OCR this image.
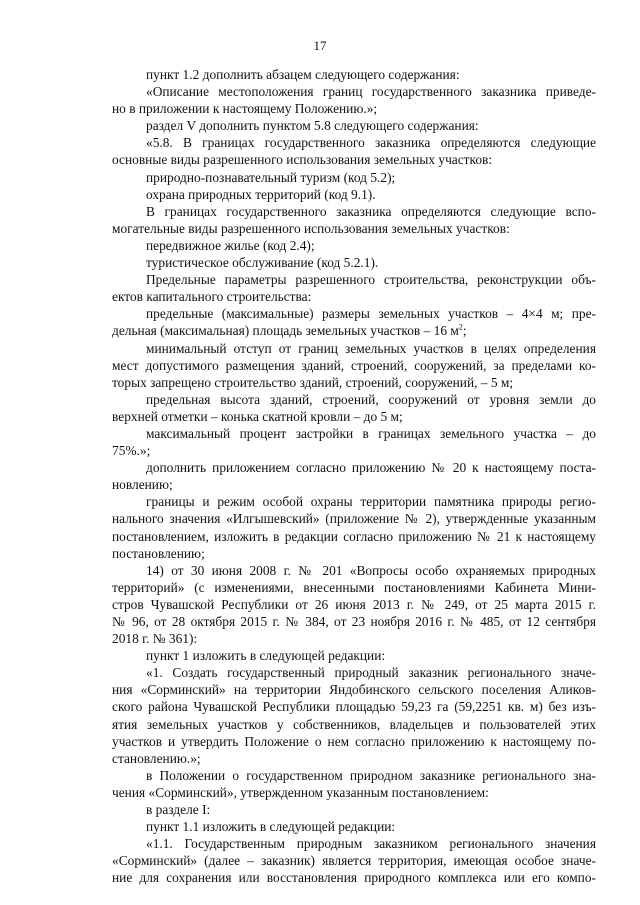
17
пункт 1.2 дополнить абзацем следующего содержания:
«Описание местоположения границ государственного заказника приведе-
но в приложении к настоящему Положению.»;
раздел V дополнить пунктом 5.8 следующего содержания:
«5.8. В границах государственного заказника определяются следующие
основные виды разрешенного использования земельных участков:
природно-познавательный туризм (код 5.2);
охрана природных территорий (код 9.1).
В границах государственного заказника определяются следующие вспо-
могательные виды разрешенного использования земельных участков:
передвижное жилье (код 2.4);
туристическое обслуживание (код 5.2.1).
Предельные параметры разрешенного строительства, реконструкции объ-
ектов капитального строительства:
предельные (максимальные) размеры земельных участков – 4×4 м; пре-
дельная (максимальная) площадь земельных участков – 16 $м^2$;
минимальный отступ от границ земельных участков в целях определения
мест допустимого размещения зданий, строений, сооружений, за пределами ко-
торых запрещено строительство зданий, строений, сооружений, – 5 м;
предельная высота зданий, строений, сооружений от уровня земли до
верхней отметки – конька скатной кровли – до 5 м;
максимальный процент застройки в границах земельного участка – до
75%.»;
дополнить приложением согласно приложению № 20 к настоящему поста-
новлению;
границы и режим особой охраны территории памятника природы регио-
нального значения «Илгышевский» (приложение № 2), утвержденные указанным
постановлением, изложить в редакции согласно приложению № 21 к настоящему
постановлению;
14) от 30 июня 2008 г. № 201 «Вопросы особо охраняемых природных
территорий» (с изменениями, внесенными постановлениями Кабинета Мини-
стров Чувашской Республики от 26 июня 2013 г. № 249, от 25 марта 2015 г.
№ 96, от 28 октября 2015 г. № 384, от 23 ноября 2016 г. № 485, от 12 сентября
2018 г. № 361):
пункт 1 изложить в следующей редакции:
«1. Создать государственный природный заказник регионального значе-
ния «Сорминский» на территории Яндобинского сельского поселения Аликов-
ского района Чувашской Республики площадью 59,23 га (59,2251 кв. м) без изъ-
ятия земельных участков у собственников, владельцев и пользователей этих
участков и утвердить Положение о нем согласно приложению к настоящему по-
становлению.»;
в Положении о государственном природном заказнике регионального зна-
чения «Сорминский», утвержденном указанным постановлением:
в разделе I:
пункт 1.1 изложить в следующей редакции:
«1.1. Государственным природным заказником регионального значения
«Сорминский» (далее – заказник) является территория, имеющая особое значе-
ние для сохранения или восстановления природного комплекса или его компо-
